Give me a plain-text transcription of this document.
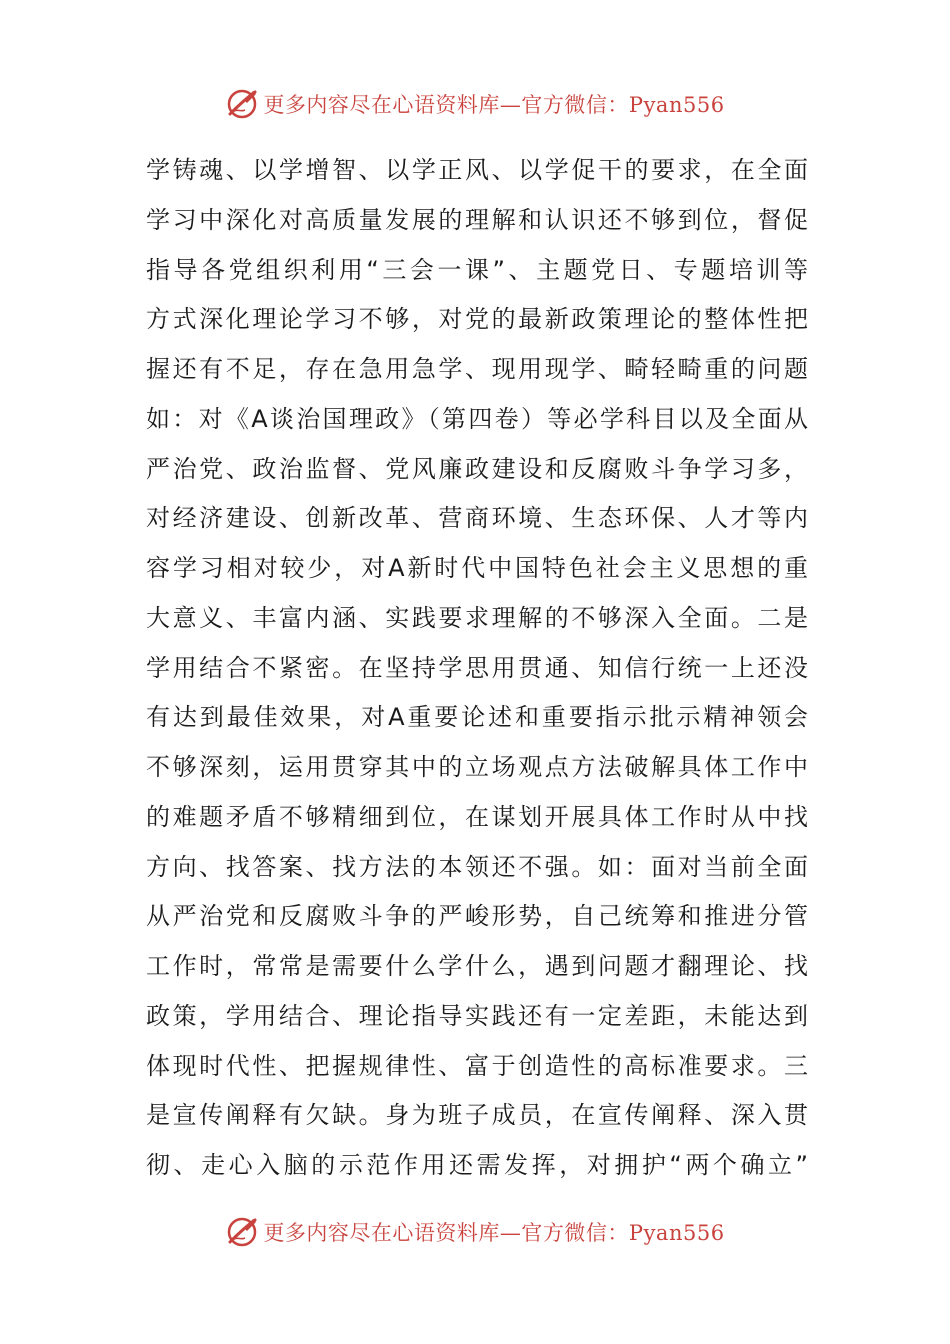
更多内容尽在心语资料库—官方微信：Pyan556
学铸魂、以学增智、以学正风、以学促干的要求，在全面
学习中深化对高质量发展的理解和认识还不够到位，督促
指导各党组织利用“三会一课”、主题党日、专题培训等
方式深化理论学习不够，对党的最新政策理论的整体性把
握还有不足，存在急用急学、现用现学、畸轻畸重的问题
如：对《A谈治国理政》（第四卷）等必学科目以及全面从
严治党、政治监督、党风廉政建设和反腐败斗争学习多，
对经济建设、创新改革、营商环境、生态环保、人才等内
容学习相对较少，对A新时代中国特色社会主义思想的重
大意义、丰富内涵、实践要求理解的不够深入全面。二是
学用结合不紧密。在坚持学思用贯通、知信行统一上还没
有达到最佳效果，对A重要论述和重要指示批示精神领会
不够深刻，运用贯穿其中的立场观点方法破解具体工作中
的难题矛盾不够精细到位，在谋划开展具体工作时从中找
方向、找答案、找方法的本领还不强。如：面对当前全面
从严治党和反腐败斗争的严峻形势，自己统筹和推进分管
工作时，常常是需要什么学什么，遇到问题才翻理论、找
政策，学用结合、理论指导实践还有一定差距，未能达到
体现时代性、把握规律性、富于创造性的高标准要求。三
是宣传阐释有欠缺。身为班子成员，在宣传阐释、深入贯
彻、走心入脑的示范作用还需发挥，对拥护“两个确立”
更多内容尽在心语资料库—官方微信：Pyan556
